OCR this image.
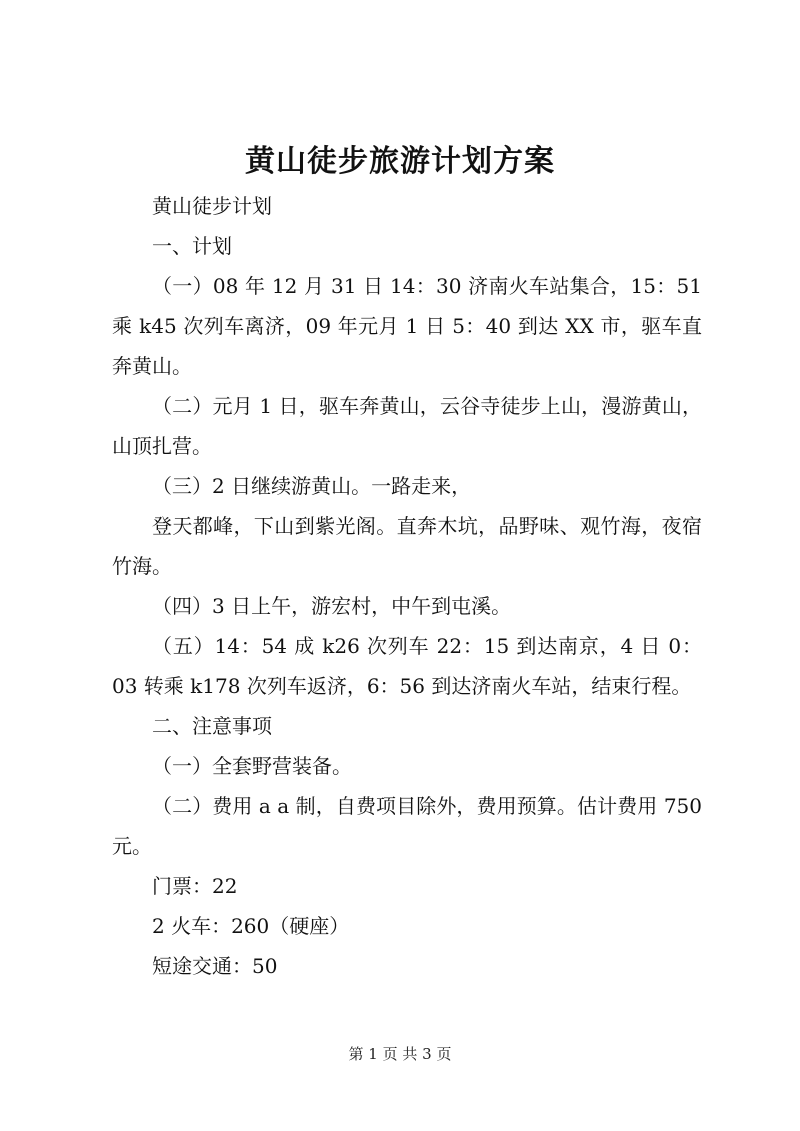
黄山徒步旅游计划方案

黄山徒步计划

一、计划

（一）08 年 12 月 31 日 14：30 济南火车站集合，15：51 乘 k45 次列车离济，09 年元月 1 日 5：40 到达 XX 市，驱车直奔黄山。

（二）元月 1 日，驱车奔黄山，云谷寺徒步上山，漫游黄山，山顶扎营。

（三）2 日继续游黄山。一路走来，

登天都峰，下山到紫光阁。直奔木坑，品野味、观竹海，夜宿竹海。

（四）3 日上午，游宏村，中午到屯溪。

（五）14：54 成 k26 次列车 22：15 到达南京，4 日 0：03 转乘 k178 次列车返济，6：56 到达济南火车站，结束行程。

二、注意事项

（一）全套野营装备。

（二）费用 a a 制，自费项目除外，费用预算。估计费用 750 元。

门票：22

2 火车：260（硬座）

短途交通：50

第 1 页 共 3 页
